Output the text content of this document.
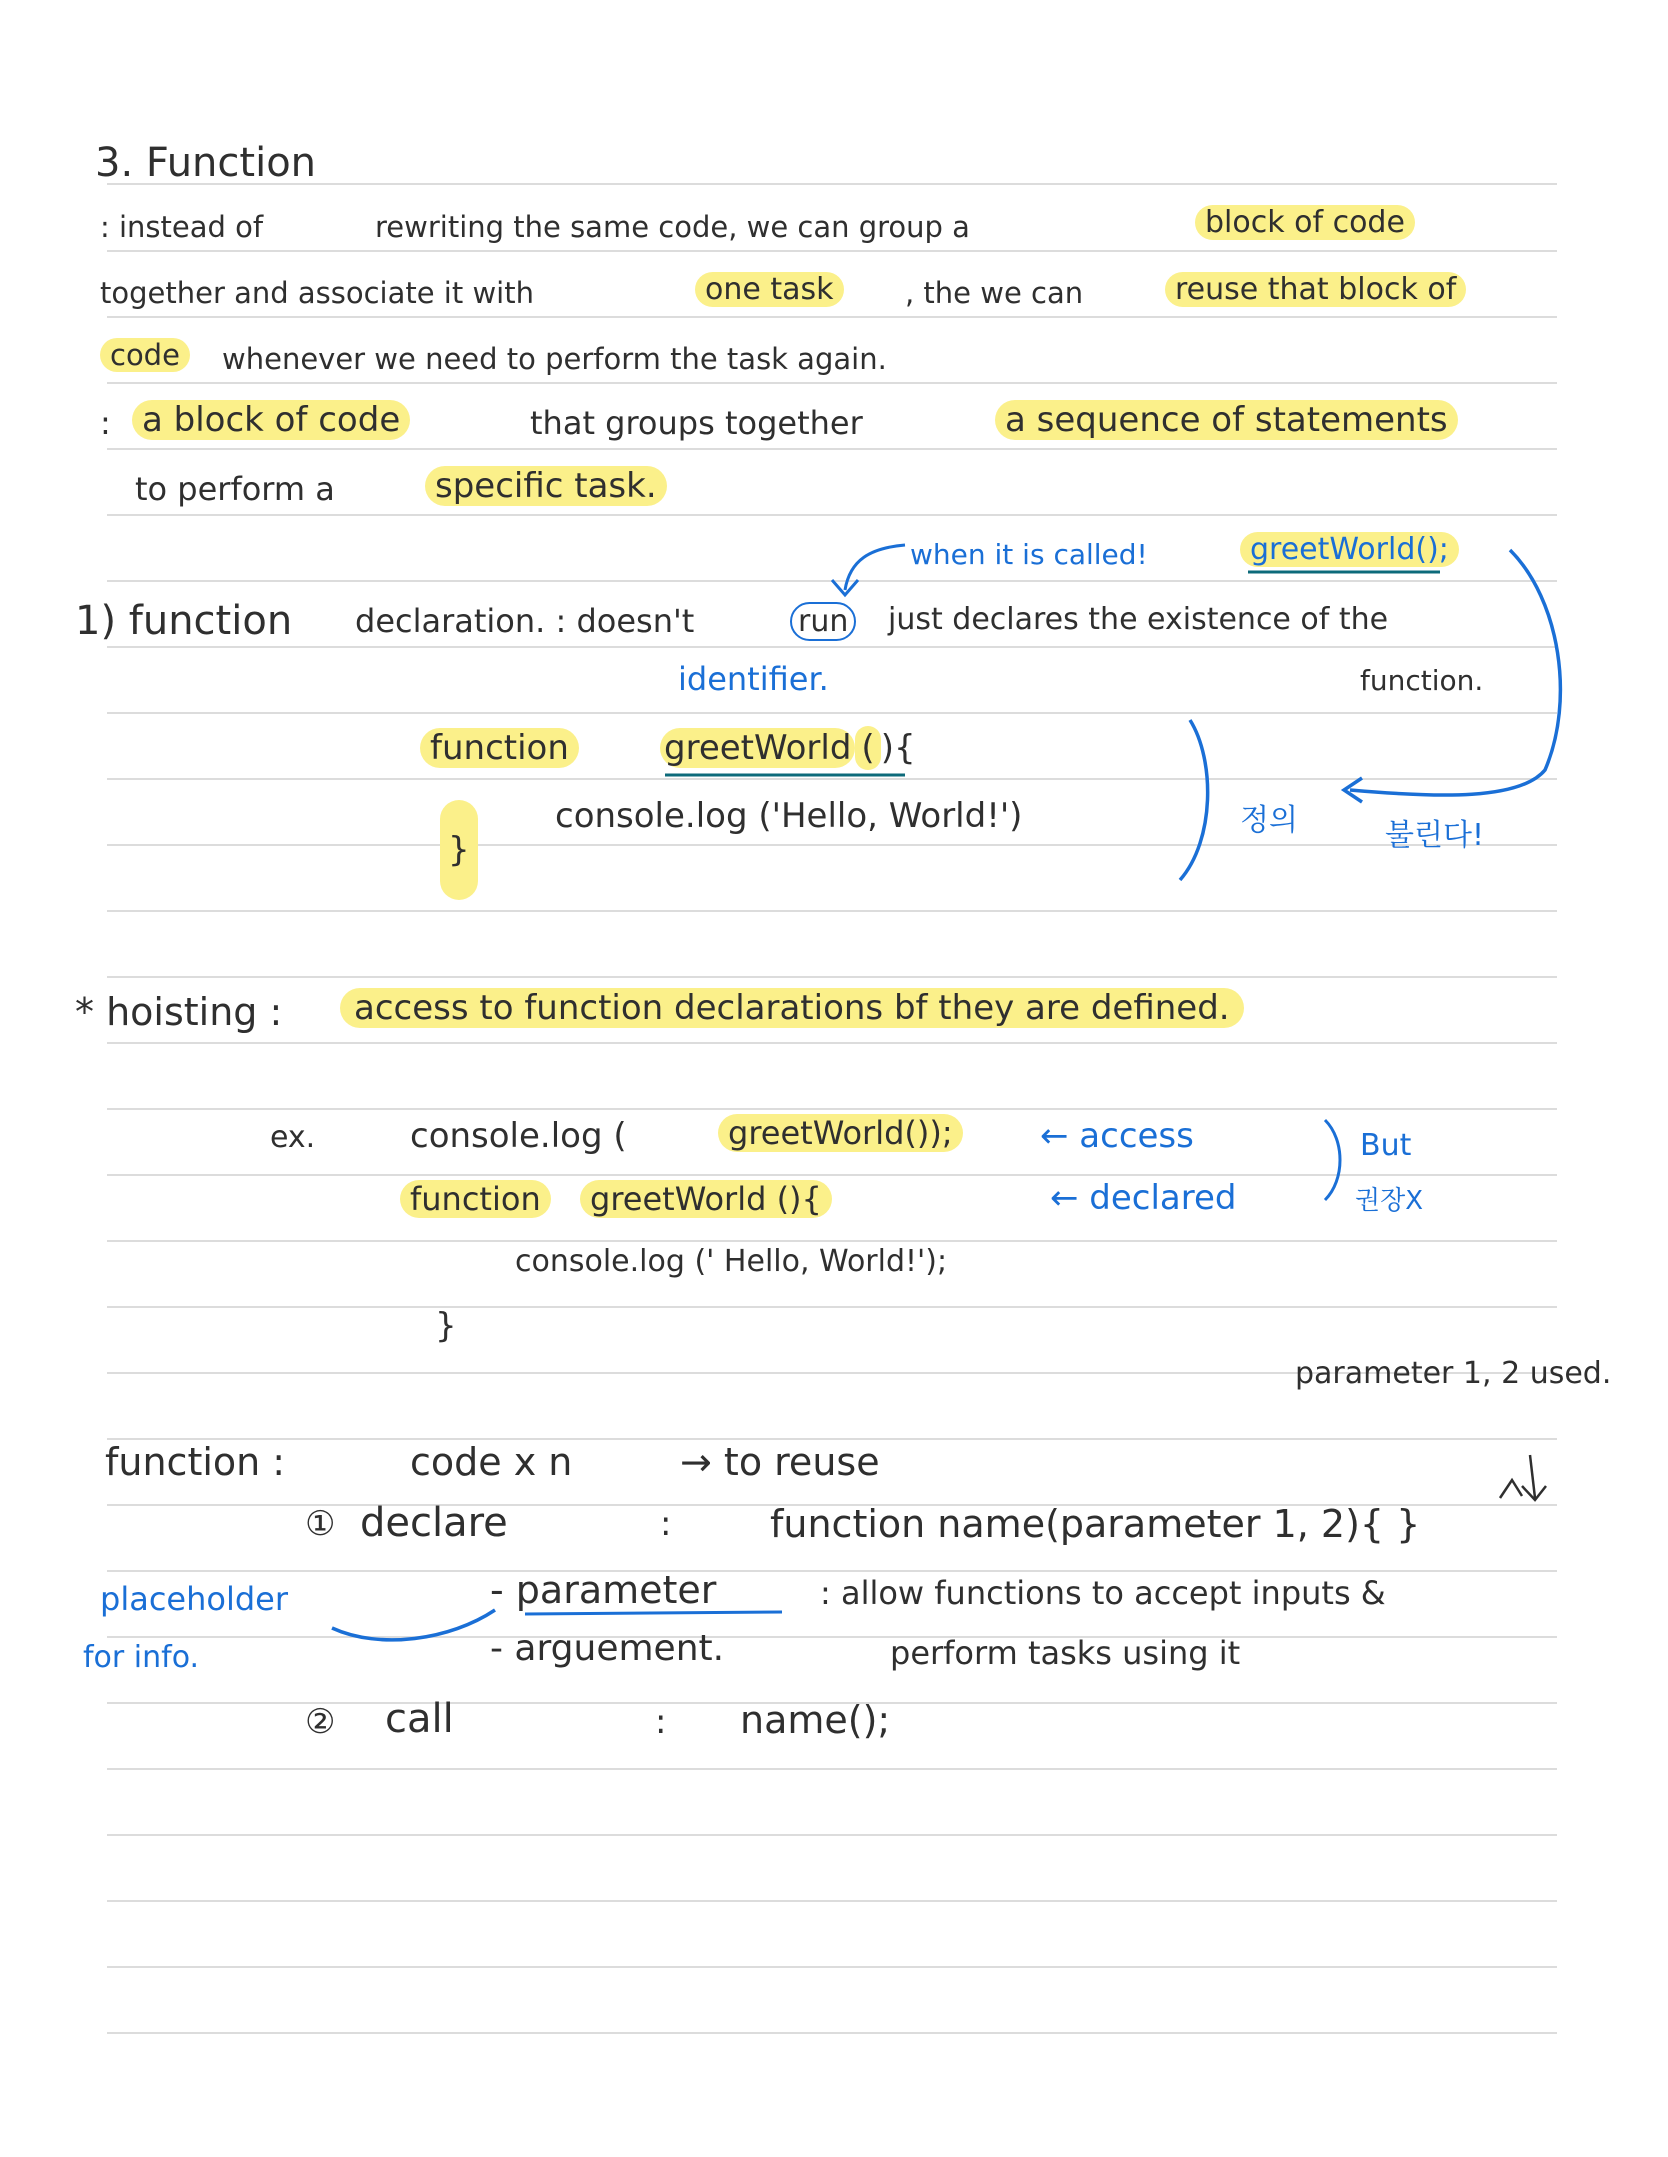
3. Function
: instead of	rewriting the same code, we can group a	block of code
together and associate it with	one task	, the we can	reuse that block of
code	whenever we need to perform the task again.
: a block of code	that groups together	a sequence of statements
to perform a	specific task.
when it is called!	greetWorld();
1) function declaration. : doesn't	run just declares the existence of the
identifier.	function.
function	greetWorld ( ){
console.log ('Hello, World!')
}
정의	불린다!
* hoisting :	access to function declarations bf they are defined.
ex.	console.log (	greetWorld());	← access
function	greetWorld (){	← declared
console.log (' Hello, World!');
}
But
권장X
parameter 1, 2 used.
function :	code x n	→ to reuse
① declare	:	function name(parameter 1, 2){ }
placeholder
for info.
- parameter	: allow functions to accept inputs &
- arguement.	perform tasks using it
② call	: name();
